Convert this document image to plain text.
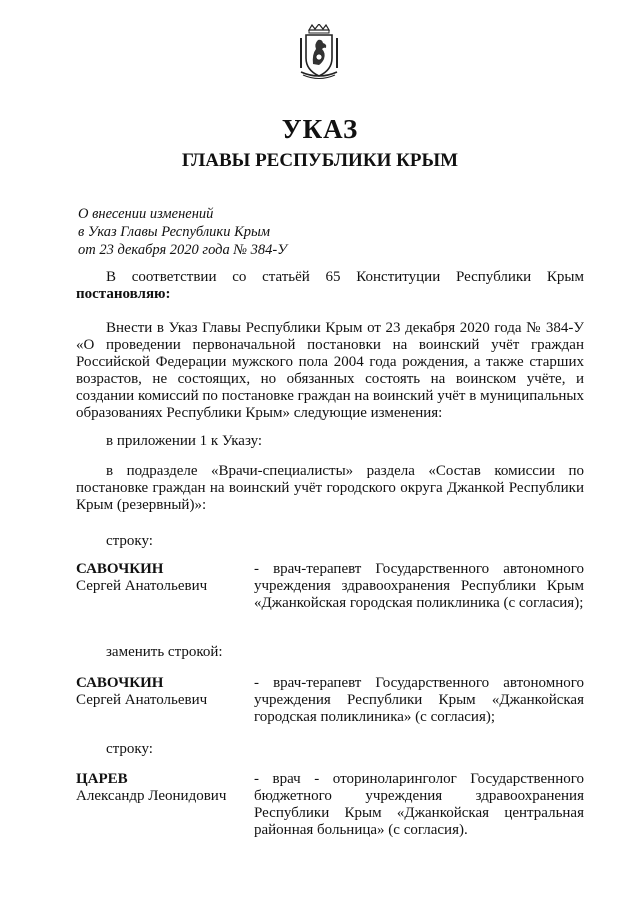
УКАЗ
ГЛАВЫ РЕСПУБЛИКИ КРЫМ
О внесении изменений
в Указ Главы Республики Крым
от 23 декабря 2020 года № 384-У

В соответствии со статьёй 65 Конституции Республики Крым постановляю:

Внести в Указ Главы Республики Крым от 23 декабря 2020 года № 384-У «О проведении первоначальной постановки на воинский учёт граждан Российской Федерации мужского пола 2004 года рождения, а также старших возрастов, не состоящих, но обязанных состоять на воинском учёте, и создании комиссий по постановке граждан на воинский учёт в муниципальных образованиях Республики Крым» следующие изменения:

в приложении 1 к Указу:

в подразделе «Врачи-специалисты» раздела «Состав комиссии по постановке граждан на воинский учёт городского округа Джанкой Республики Крым (резервный)»:

строку:

САВОЧКИН
Сергей Анатольевич
- врач-терапевт Государственного автономного учреждения здравоохранения Республики Крым «Джанкойская городская поликлиника (с согласия);

заменить строкой:

САВОЧКИН
Сергей Анатольевич
- врач-терапевт Государственного автономного учреждения Республики Крым «Джанкойская городская поликлиника» (с согласия);

строку:

ЦАРЕВ
Александр Леонидович
- врач - оториноларинголог Государственного бюджетного учреждения здравоохранения Республики Крым «Джанкойская центральная районная больница» (с согласия).
